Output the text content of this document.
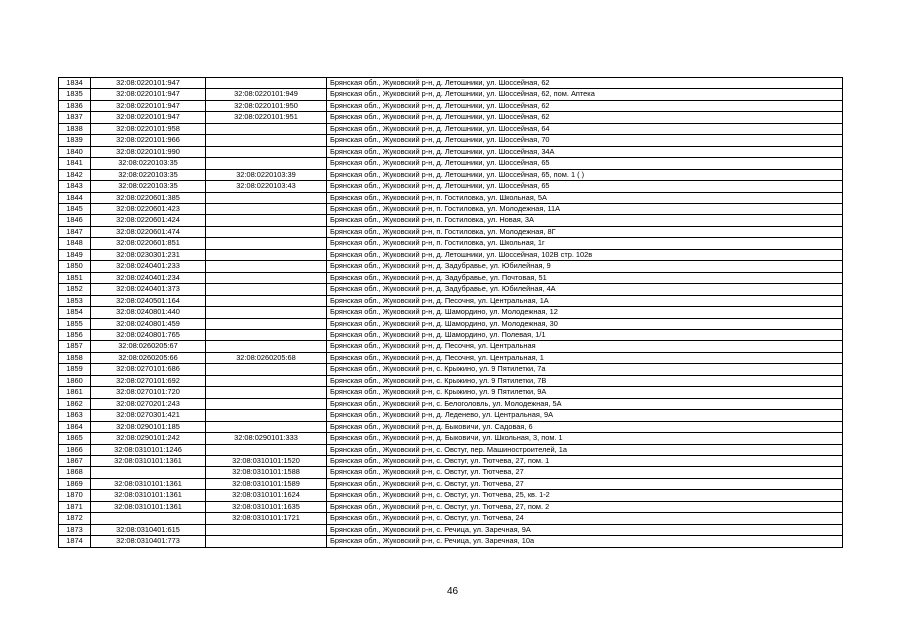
1834	32:08:0220101:947		Брянская обл., Жуковский р-н, д. Летошники, ул. Шоссейная, 62
1835	32:08:0220101:947	32:08:0220101:949	Брянская обл., Жуковский р-н, д. Летошники, ул. Шоссейная, 62, пом. Аптека
1836	32:08:0220101:947	32:08:0220101:950	Брянская обл., Жуковский р-н, д. Летошники, ул. Шоссейная, 62
1837	32:08:0220101:947	32:08:0220101:951	Брянская обл., Жуковский р-н, д. Летошники, ул. Шоссейная, 62
1838	32:08:0220101:958		Брянская обл., Жуковский р-н, д. Летошники, ул. Шоссейная, 64
1839	32:08:0220101:966		Брянская обл., Жуковский р-н, д. Летошники, ул. Шоссейная, 70
1840	32:08:0220101:990		Брянская обл., Жуковский р-н, д. Летошники, ул. Шоссейная, 34А
1841	32:08:0220103:35		Брянская обл., Жуковский р-н, д. Летошники, ул. Шоссейная, 65
1842	32:08:0220103:35	32:08:0220103:39	Брянская обл., Жуковский р-н, д. Летошники, ул. Шоссейная, 65, пом. 1 ( )
1843	32:08:0220103:35	32:08:0220103:43	Брянская обл., Жуковский р-н, д. Летошники, ул. Шоссейная, 65
1844	32:08:0220601:385		Брянская обл., Жуковский р-н, п. Гостиловка, ул. Школьная, 5А
1845	32:08:0220601:423		Брянская обл., Жуковский р-н, п. Гостиловка, ул. Молодежная, 11А
1846	32:08:0220601:424		Брянская обл., Жуковский р-н, п. Гостиловка, ул. Новая, 3А
1847	32:08:0220601:474		Брянская обл., Жуковский р-н, п. Гостиловка, ул. Молодежная, 8Г
1848	32:08:0220601:851		Брянская обл., Жуковский р-н, п. Гостиловка, ул. Школьная, 1г
1849	32:08:0230301:231		Брянская обл., Жуковский р-н, д. Летошники, ул. Шоссейная, 102В стр. 102в
1850	32:08:0240401:233		Брянская обл., Жуковский р-н, д. Задубравье, ул. Юбилейная, 9
1851	32:08:0240401:234		Брянская обл., Жуковский р-н, д. Задубравье, ул. Почтовая, 51
1852	32:08:0240401:373		Брянская обл., Жуковский р-н, д. Задубравье, ул. Юбилейная, 4А
1853	32:08:0240501:164		Брянская обл., Жуковский р-н, д. Песочня, ул. Центральная, 1А
1854	32:08:0240801:440		Брянская обл., Жуковский р-н, д. Шамордино, ул. Молодежная, 12
1855	32:08:0240801:459		Брянская обл., Жуковский р-н, д. Шамордино, ул. Молодежная, 30
1856	32:08:0240801:765		Брянская обл., Жуковский р-н, д. Шамордино, ул. Полевая, 1/1
1857	32:08:0260205:67		Брянская обл., Жуковский р-н, д. Песочня, ул. Центральная
1858	32:08:0260205:66	32:08:0260205:68	Брянская обл., Жуковский р-н, д. Песочня, ул. Центральная, 1
1859	32:08:0270101:686		Брянская обл., Жуковский р-н, с. Крыжино, ул. 9 Пятилетки, 7а
1860	32:08:0270101:692		Брянская обл., Жуковский р-н, с. Крыжино, ул. 9 Пятилетки, 7В
1861	32:08:0270101:720		Брянская обл., Жуковский р-н, с. Крыжино, ул. 9 Пятилетки, 9А
1862	32:08:0270201:243		Брянская обл., Жуковский р-н, с. Белоголовль, ул. Молодежная, 5А
1863	32:08:0270301:421		Брянская обл., Жуковский р-н, д. Леденево, ул. Центральная, 9А
1864	32:08:0290101:185		Брянская обл., Жуковский р-н, д. Быковичи, ул. Садовая, 6
1865	32:08:0290101:242	32:08:0290101:333	Брянская обл., Жуковский р-н, д. Быковичи, ул. Школьная, 3, пом. 1
1866	32:08:0310101:1246		Брянская обл., Жуковский р-н, с. Овстуг, пер. Машиностроителей, 1а
1867	32:08:0310101:1361	32:08:0310101:1520	Брянская обл., Жуковский р-н, с. Овстуг, ул. Тютчева, 27, пом. 1
1868		32:08:0310101:1588	Брянская обл., Жуковский р-н, с. Овстуг, ул. Тютчева, 27
1869	32:08:0310101:1361	32:08:0310101:1589	Брянская обл., Жуковский р-н, с. Овстуг, ул. Тютчева, 27
1870	32:08:0310101:1361	32:08:0310101:1624	Брянская обл., Жуковский р-н, с. Овстуг, ул. Тютчева, 25, кв. 1-2
1871	32:08:0310101:1361	32:08:0310101:1635	Брянская обл., Жуковский р-н, с. Овстуг, ул. Тютчева, 27, пом. 2
1872		32:08:0310101:1721	Брянская обл., Жуковский р-н, с. Овстуг, ул. Тютчева, 24
1873	32:08:0310401:615		Брянская обл., Жуковский р-н, с. Речица, ул. Заречная, 9А
1874	32:08:0310401:773		Брянская обл., Жуковский р-н, с. Речица, ул. Заречная, 10а
46
